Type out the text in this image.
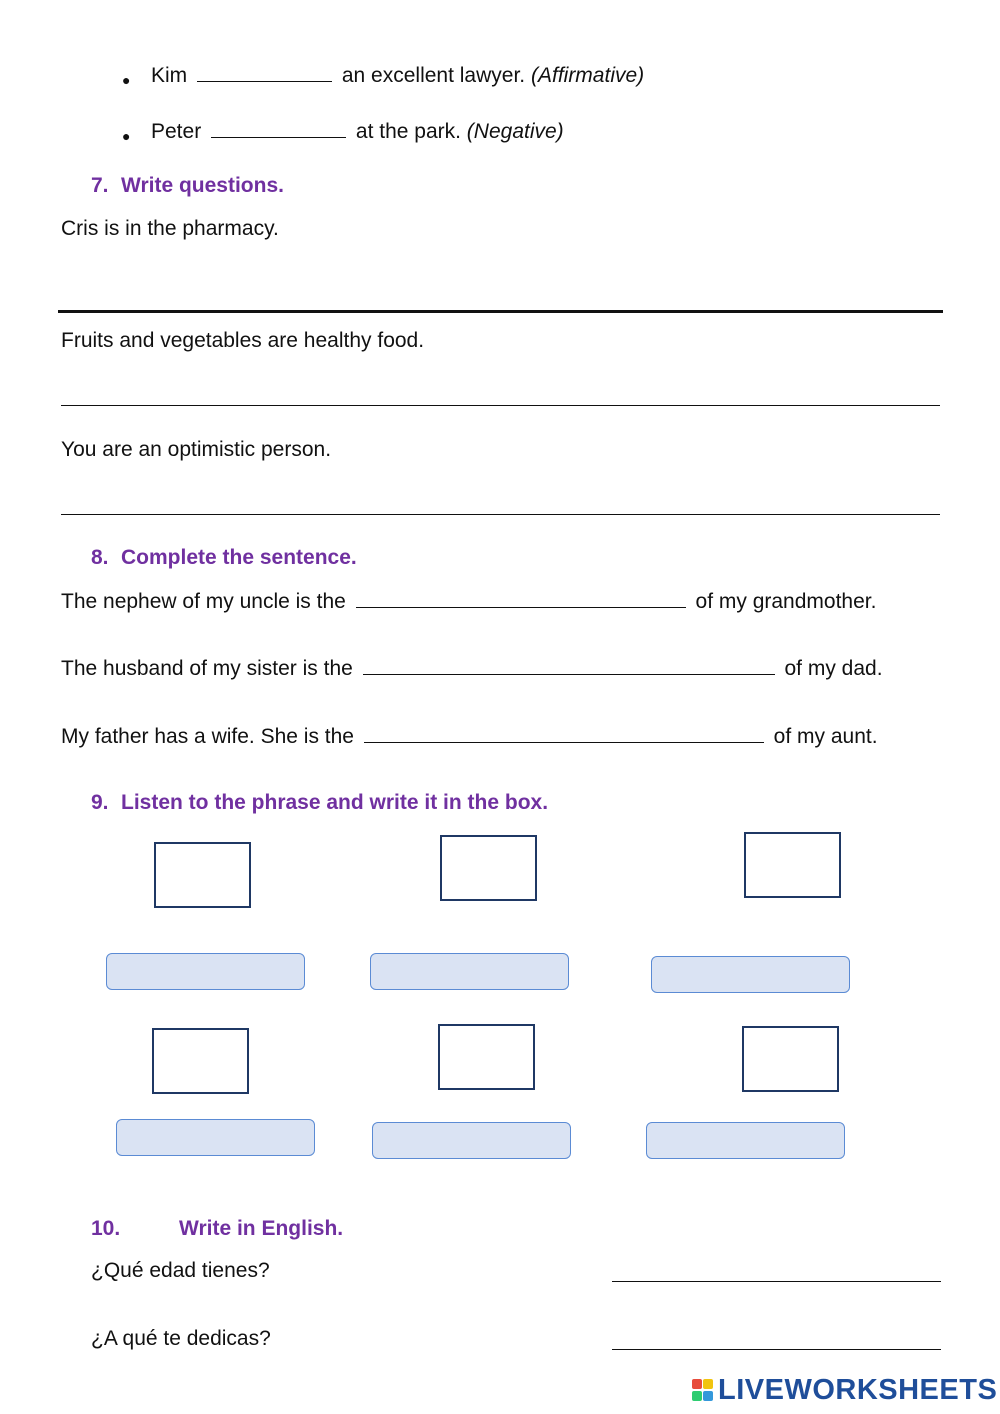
● Kim	an excellent lawyer. (Affirmative)
● Peter	at the park. (Negative)
7. Write questions.
Cris is in the pharmacy.
Fruits and vegetables are healthy food.
You are an optimistic person.
8. Complete the sentence.
The nephew of my uncle is the	of my grandmother.
The husband of my sister is the	of my dad.
My father has a wife. She is the	of my aunt.
9. Listen to the phrase and write it in the box.
10.	Write in English.
¿Qué edad tienes?
¿A qué te dedicas?
LIVEWORKSHEETS
